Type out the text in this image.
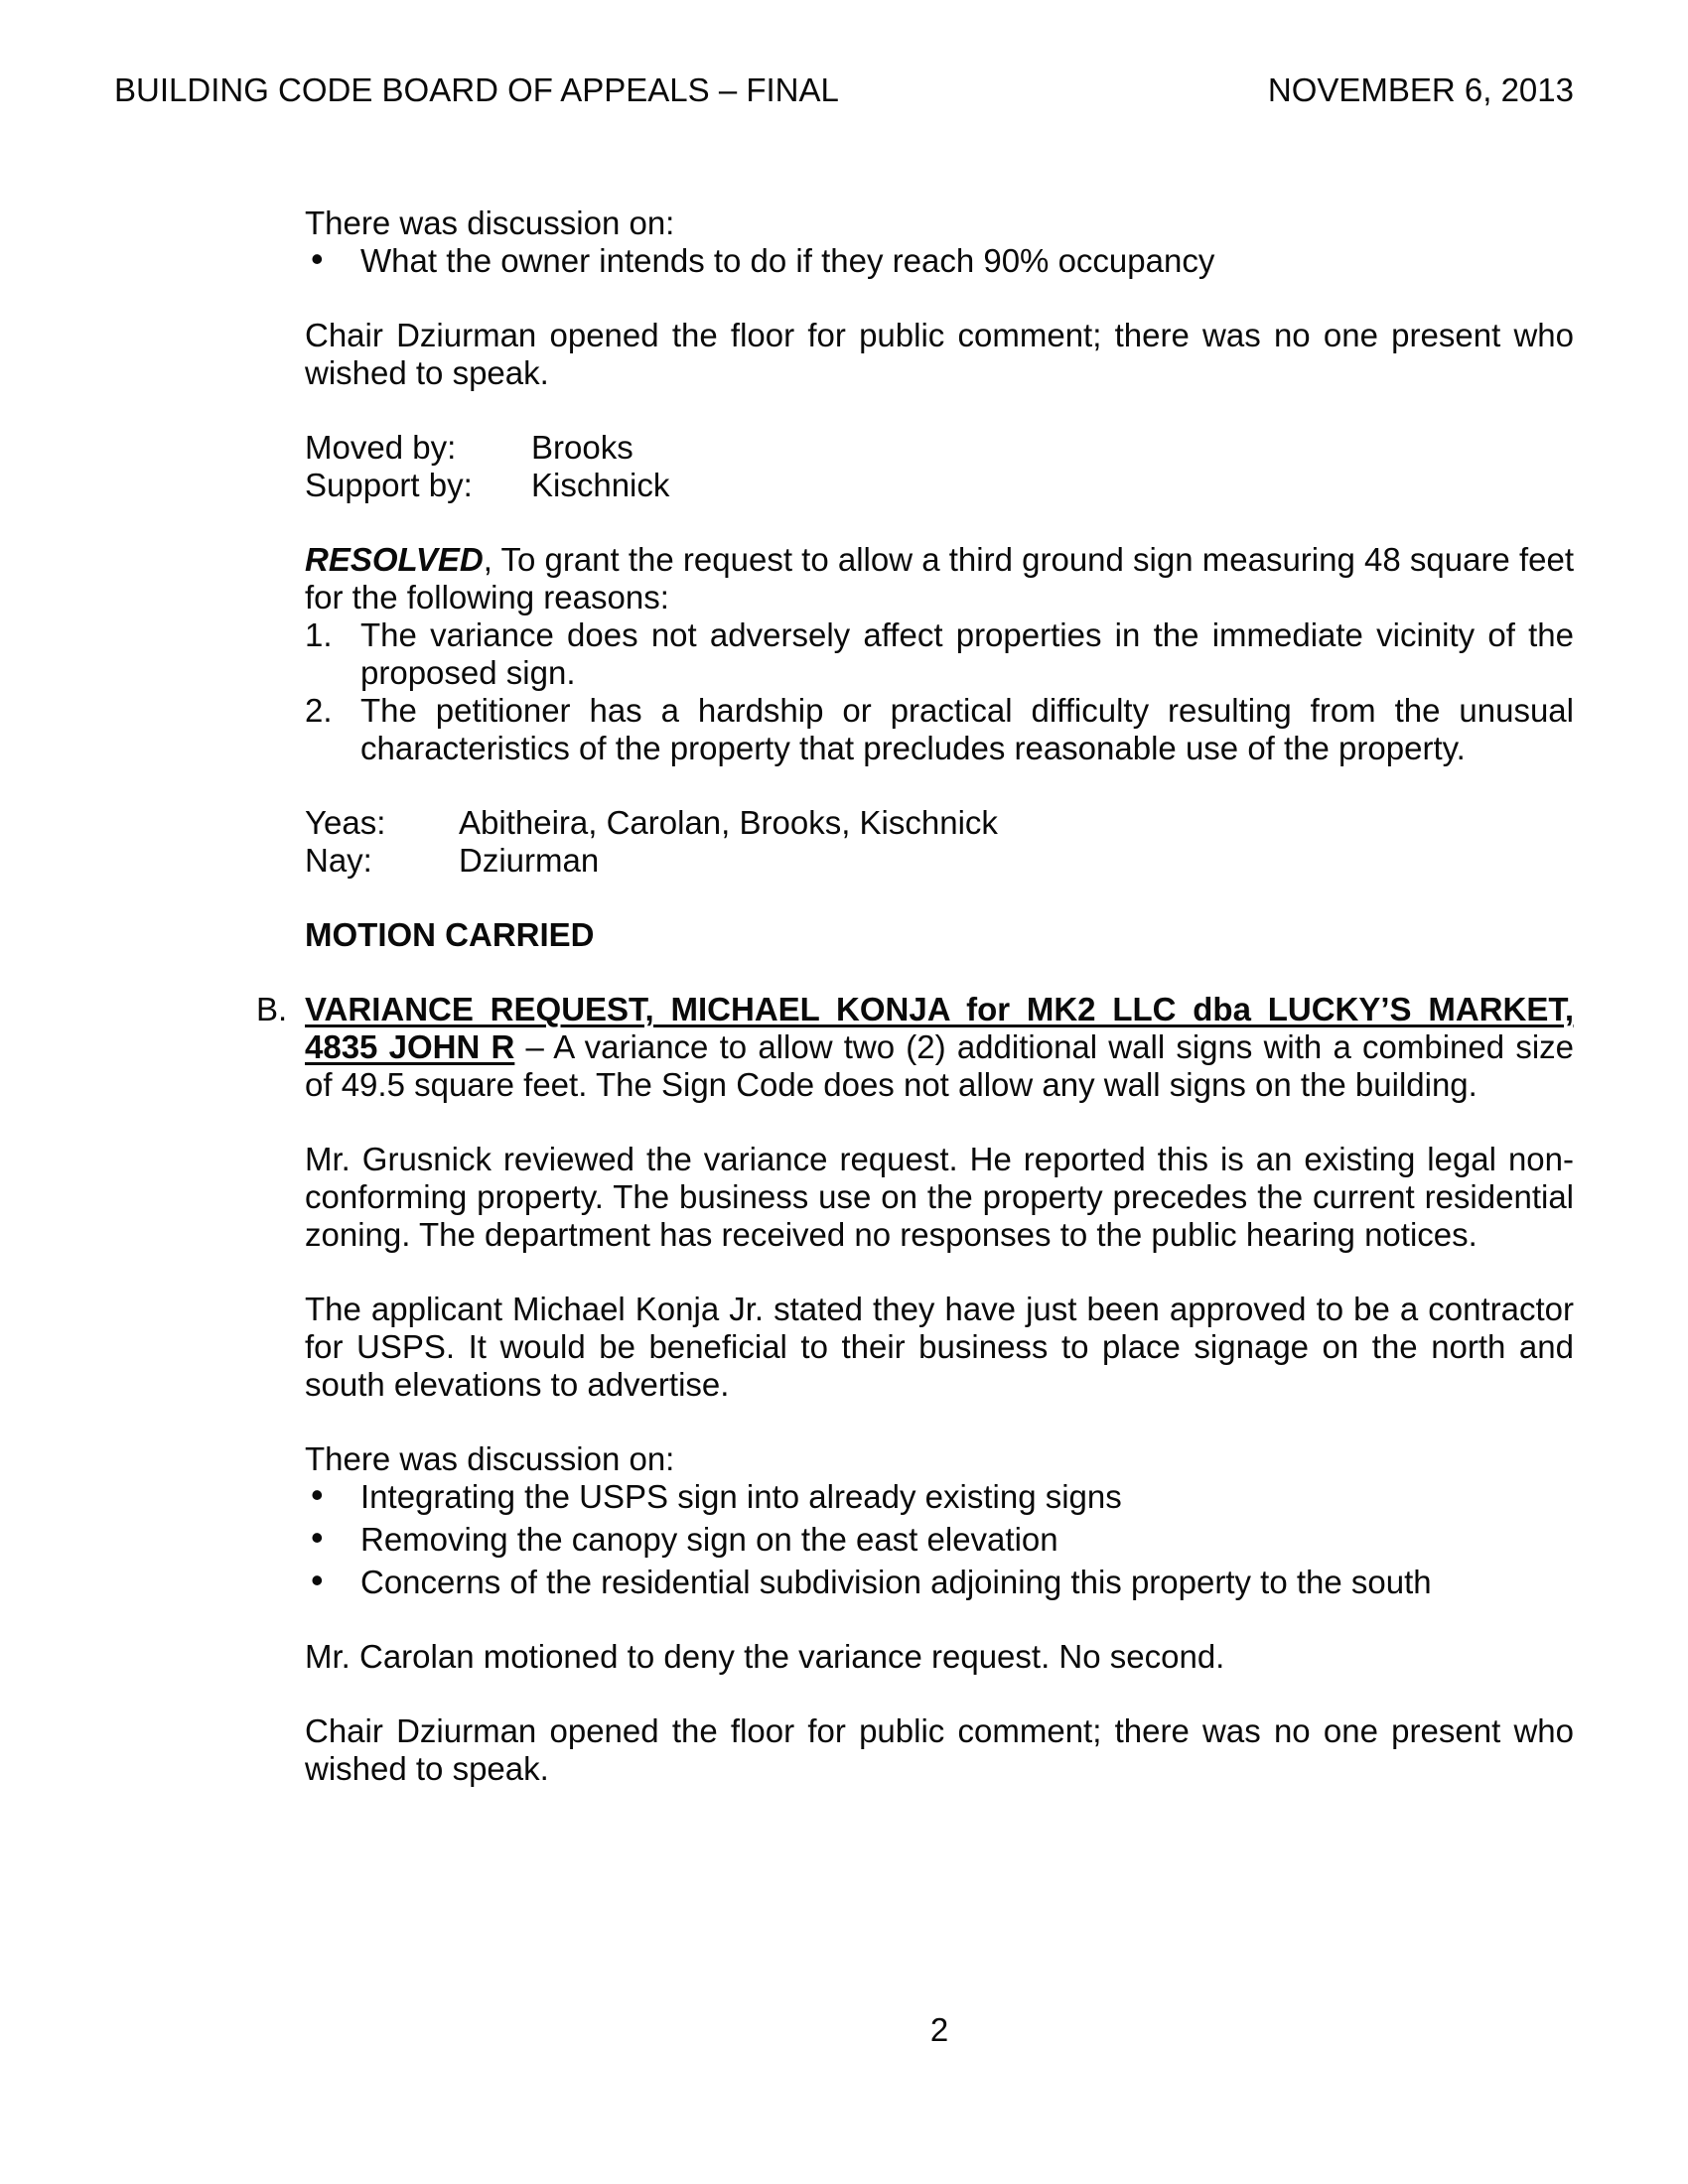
BUILDING CODE BOARD OF APPEALS – FINAL	NOVEMBER 6, 2013

There was discussion on:

• What the owner intends to do if they reach 90% occupancy

Chair Dziurman opened the floor for public comment; there was no one present who wished to speak.

Moved by:	Brooks
Support by:	Kischnick

RESOLVED, To grant the request to allow a third ground sign measuring 48 square feet for the following reasons:

1. The variance does not adversely affect properties in the immediate vicinity of the proposed sign.
2. The petitioner has a hardship or practical difficulty resulting from the unusual characteristics of the property that precludes reasonable use of the property.
Yeas:	Abitheira, Carolan, Brooks, Kischnick
Nay:	Dziurman

MOTION CARRIED

B. VARIANCE REQUEST, MICHAEL KONJA for MK2 LLC dba LUCKY’S MARKET, 4835 JOHN R – A variance to allow two (2) additional wall signs with a combined size of 49.5 square feet. The Sign Code does not allow any wall signs on the building.

Mr. Grusnick reviewed the variance request. He reported this is an existing legal non-conforming property. The business use on the property precedes the current residential zoning. The department has received no responses to the public hearing notices.

The applicant Michael Konja Jr. stated they have just been approved to be a contractor for USPS. It would be beneficial to their business to place signage on the north and south elevations to advertise.

There was discussion on:

• Integrating the USPS sign into already existing signs
• Removing the canopy sign on the east elevation
• Concerns of the residential subdivision adjoining this property to the south

Mr. Carolan motioned to deny the variance request. No second.

Chair Dziurman opened the floor for public comment; there was no one present who wished to speak.

2
